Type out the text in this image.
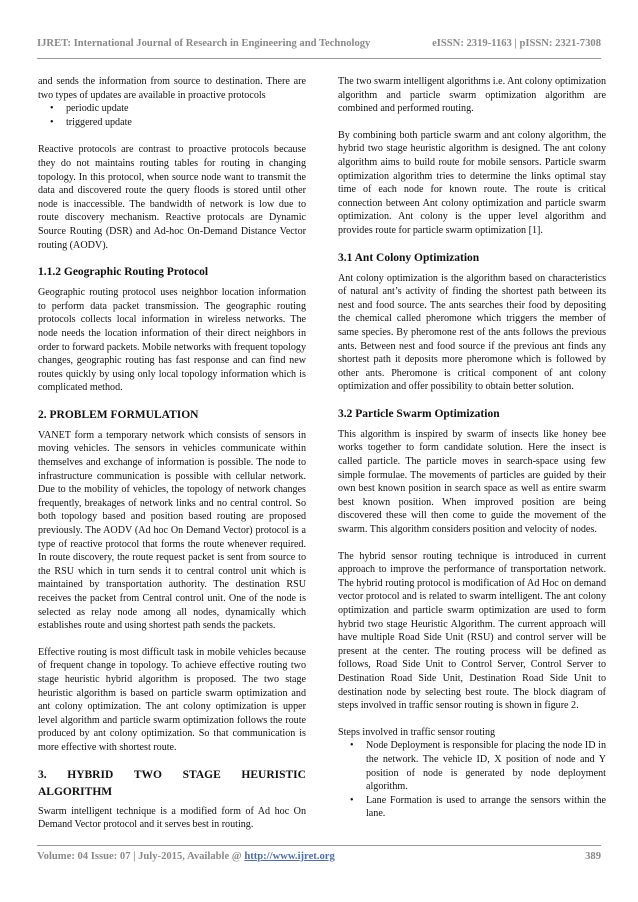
IJRET: International Journal of Research in Engineering and Technology	eISSN: 2319-1163 | pISSN: 2321-7308

and sends the information from source to destination. There are two types of updates are available in proactive protocols

• periodic update
• triggered update

Reactive protocols are contrast to proactive protocols because they do not maintains routing tables for routing in changing topology. In this protocol, when source node want to transmit the data and discovered route the query floods is stored until other node is inaccessible. The bandwidth of network is low due to route discovery mechanism. Reactive protocals are Dynamic Source Routing (DSR) and Ad-hoc On-Demand Distance Vector routing (AODV).

1.1.2 Geographic Routing Protocol

Geographic routing protocol uses neighbor location information to perform data packet transmission. The geographic routing protocols collects local information in wireless networks. The node needs the location information of their direct neighbors in order to forward packets. Mobile networks with frequent topology changes, geographic routing has fast response and can find new routes quickly by using only local topology information which is complicated method.

2. PROBLEM FORMULATION

VANET form a temporary network which consists of sensors in moving vehicles. The sensors in vehicles communicate within themselves and exchange of information is possible. The node to infrastructure communication is possible with cellular network. Due to the mobility of vehicles, the topology of network changes frequently, breakages of network links and no central control. So both topology based and position based routing are proposed previously. The AODV (Ad hoc On Demand Vector) protocol is a type of reactive protocol that forms the route whenever required. In route discovery, the route request packet is sent from source to the RSU which in turn sends it to central control unit which is maintained by transportation authority. The destination RSU receives the packet from Central control unit. One of the node is selected as relay node among all nodes, dynamically which establishes route and using shortest path sends the packets.

Effective routing is most difficult task in mobile vehicles because of frequent change in topology. To achieve effective routing two stage heuristic hybrid algorithm is proposed. The two stage heuristic algorithm is based on particle swarm optimization and ant colony optimization. The ant colony optimization is upper level algorithm and particle swarm optimization follows the route produced by ant colony optimization. So that communication is more effective with shortest route.

3. HYBRID TWO STAGE HEURISTIC
ALGORITHM

Swarm intelligent technique is a modified form of Ad hoc On Demand Vector protocol and it serves best in routing.

The two swarm intelligent algorithms i.e. Ant colony optimization algorithm and particle swarm optimization algorithm are combined and performed routing.

By combining both particle swarm and ant colony algorithm, the hybrid two stage heuristic algorithm is designed. The ant colony algorithm aims to build route for mobile sensors. Particle swarm optimization algorithm tries to determine the links optimal stay time of each node for known route. The route is critical connection between Ant colony optimization and particle swarm optimization. Ant colony is the upper level algorithm and provides route for particle swarm optimization [1].

3.1 Ant Colony Optimization

Ant colony optimization is the algorithm based on characteristics of natural ant’s activity of finding the shortest path between its nest and food source. The ants searches their food by depositing the chemical called pheromone which triggers the member of same species. By pheromone rest of the ants follows the previous ants. Between nest and food source if the previous ant finds any shortest path it deposits more pheromone which is followed by other ants. Pheromone is critical component of ant colony optimization and offer possibility to obtain better solution.

3.2 Particle Swarm Optimization

This algorithm is inspired by swarm of insects like honey bee works together to form candidate solution. Here the insect is called particle. The particle moves in search-space using few simple formulae. The movements of particles are guided by their own best known position in search space as well as entire swarm best known position. When improved position are being discovered these will then come to guide the movement of the swarm. This algorithm considers position and velocity of nodes.

The hybrid sensor routing technique is introduced in current approach to improve the performance of transportation network. The hybrid routing protocol is modification of Ad Hoc on demand vector protocol and is related to swarm intelligent. The ant colony optimization and particle swarm optimization are used to form hybrid two stage Heuristic Algorithm. The current approach will have multiple Road Side Unit (RSU) and control server will be present at the center. The routing process will be defined as follows, Road Side Unit to Control Server, Control Server to Destination Road Side Unit, Destination Road Side Unit to destination node by selecting best route. The block diagram of steps involved in traffic sensor routing is shown in figure 2.

Steps involved in traffic sensor routing

• Node Deployment is responsible for placing the node ID in the network. The vehicle ID, X position of node and Y position of node is generated by node deployment algorithm.
• Lane Formation is used to arrange the sensors within the lane.
Volume: 04 Issue: 07 | July-2015, Available @ http://www.ijret.org	389
